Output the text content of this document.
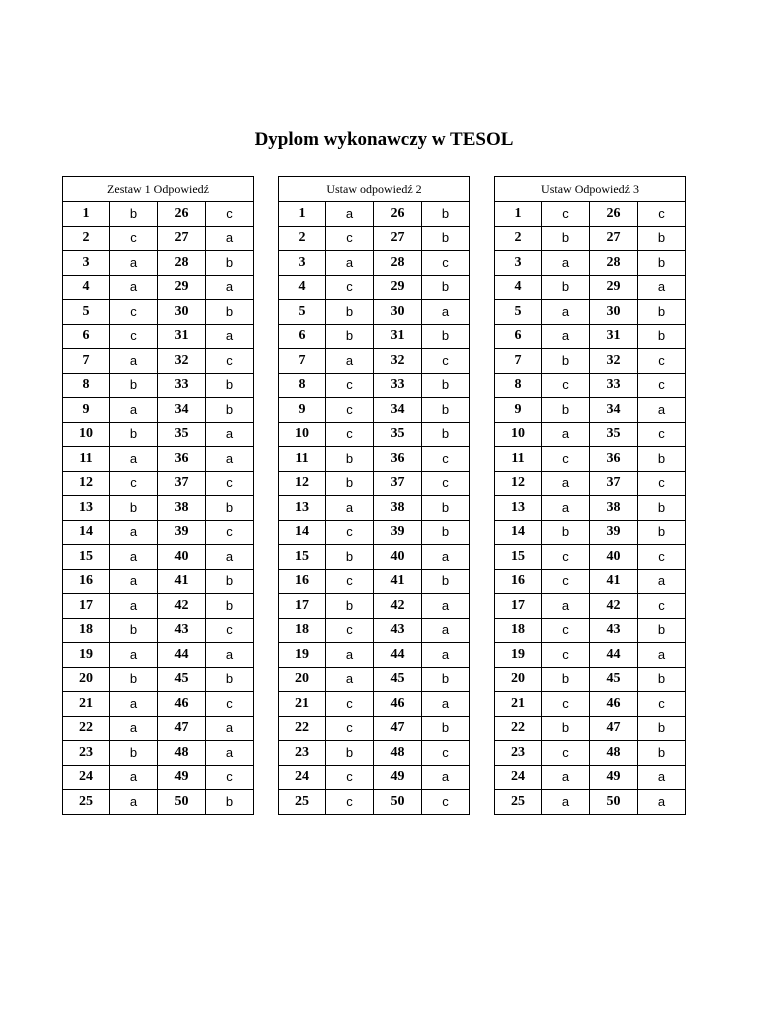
Dyplom wykonawczy w TESOL
Zestaw 1 Odpowiedź			
1	b	26	c
2	c	27	a
3	a	28	b
4	a	29	a
5	c	30	b
6	c	31	a
7	a	32	c
8	b	33	b
9	a	34	b
10	b	35	a
11	a	36	a
12	c	37	c
13	b	38	b
14	a	39	c
15	a	40	a
16	a	41	b
17	a	42	b
18	b	43	c
19	a	44	a
20	b	45	b
21	a	46	c
22	a	47	a
23	b	48	a
24	a	49	c
25	a	50	b
Ustaw odpowiedź 2			
1	a	26	b
2	c	27	b
3	a	28	c
4	c	29	b
5	b	30	a
6	b	31	b
7	a	32	c
8	c	33	b
9	c	34	b
10	c	35	b
11	b	36	c
12	b	37	c
13	a	38	b
14	c	39	b
15	b	40	a
16	c	41	b
17	b	42	a
18	c	43	a
19	a	44	a
20	a	45	b
21	c	46	a
22	c	47	b
23	b	48	c
24	c	49	a
25	c	50	c
Ustaw Odpowiedź 3			
1	c	26	c
2	b	27	b
3	a	28	b
4	b	29	a
5	a	30	b
6	a	31	b
7	b	32	c
8	c	33	c
9	b	34	a
10	a	35	c
11	c	36	b
12	a	37	c
13	a	38	b
14	b	39	b
15	c	40	c
16	c	41	a
17	a	42	c
18	c	43	b
19	c	44	a
20	b	45	b
21	c	46	c
22	b	47	b
23	c	48	b
24	a	49	a
25	a	50	a
